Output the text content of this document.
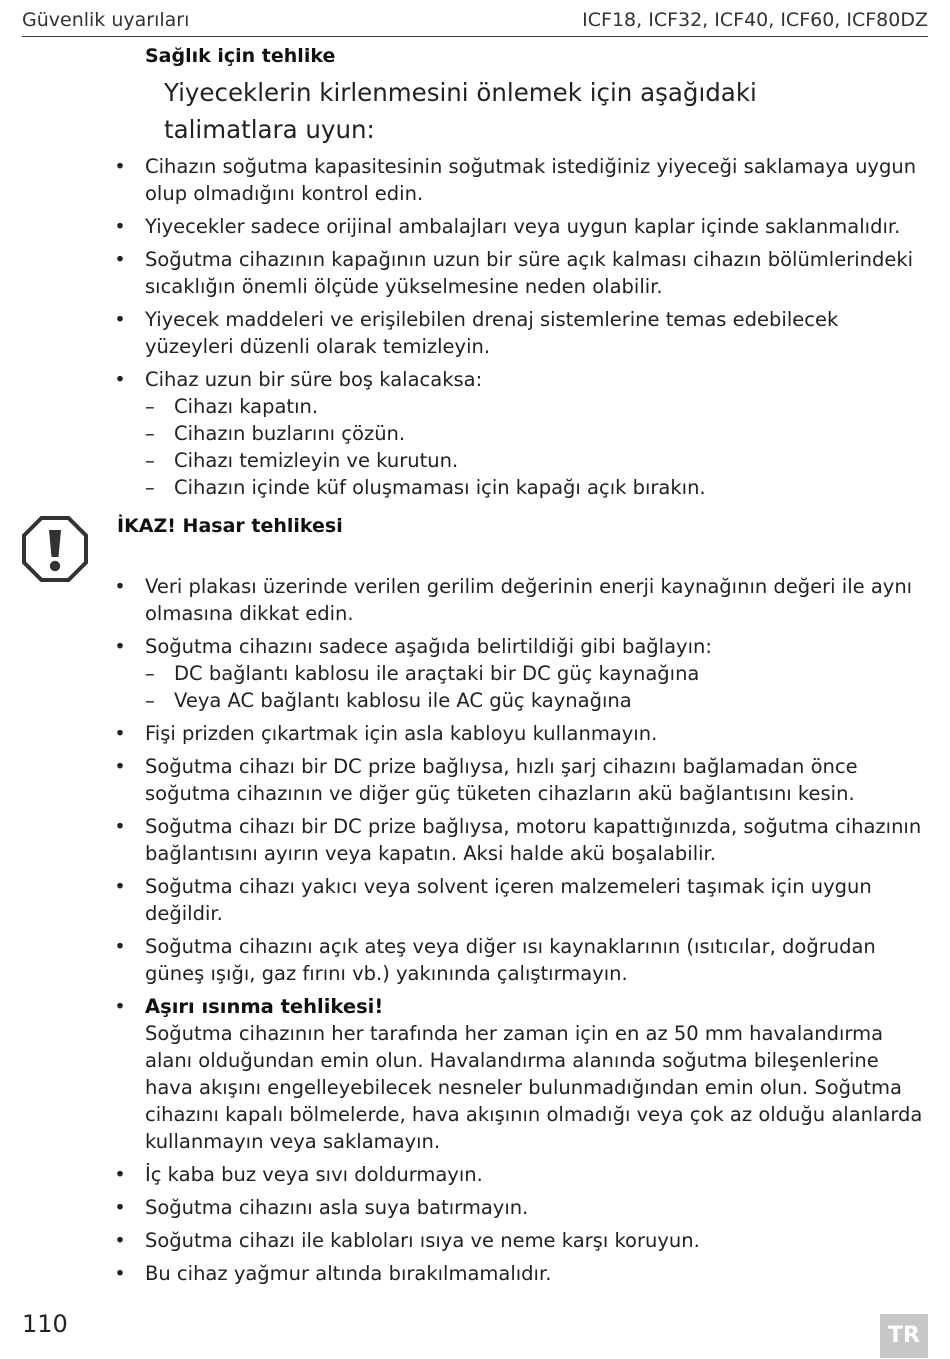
Güvenlik uyarıları	ICF18, ICF32, ICF40, ICF60, ICF80DZ
Sağlık için tehlike
Yiyeceklerin kirlenmesini önlemek için aşağıdaki talimatlara uyun:
• Cihazın soğutma kapasitesinin soğutmak istediğiniz yiyeceği saklamaya uygun olup olmadığını kontrol edin.
• Yiyecekler sadece orijinal ambalajları veya uygun kaplar içinde saklanmalıdır.
• Soğutma cihazının kapağının uzun bir süre açık kalması cihazın bölümlerindeki sıcaklığın önemli ölçüde yükselmesine neden olabilir.
• Yiyecek maddeleri ve erişilebilen drenaj sistemlerine temas edebilecek yüzeyleri düzenli olarak temizleyin.
• Cihaz uzun bir süre boş kalacaksa:
– Cihazı kapatın.
– Cihazın buzlarını çözün.
– Cihazı temizleyin ve kurutun.
– Cihazın içinde küf oluşmaması için kapağı açık bırakın.
İKAZ! Hasar tehlikesi
• Veri plakası üzerinde verilen gerilim değerinin enerji kaynağının değeri ile aynı olmasına dikkat edin.
• Soğutma cihazını sadece aşağıda belirtildiği gibi bağlayın:
– DC bağlantı kablosu ile araçtaki bir DC güç kaynağına
– Veya AC bağlantı kablosu ile AC güç kaynağına
• Fişi prizden çıkartmak için asla kabloyu kullanmayın.
• Soğutma cihazı bir DC prize bağlıysa, hızlı şarj cihazını bağlamadan önce soğutma cihazının ve diğer güç tüketen cihazların akü bağlantısını kesin.
• Soğutma cihazı bir DC prize bağlıysa, motoru kapattığınızda, soğutma cihazının bağlantısını ayırın veya kapatın. Aksi halde akü boşalabilir.
• Soğutma cihazı yakıcı veya solvent içeren malzemeleri taşımak için uygun değildir.
• Soğutma cihazını açık ateş veya diğer ısı kaynaklarının (ısıtıcılar, doğrudan güneş ışığı, gaz fırını vb.) yakınında çalıştırmayın.
• Aşırı ısınma tehlikesi!
Soğutma cihazının her tarafında her zaman için en az 50 mm havalandırma alanı olduğundan emin olun. Havalandırma alanında soğutma bileşenlerine hava akışını engelleyebilecek nesneler bulunmadığından emin olun. Soğutma cihazını kapalı bölmelerde, hava akışının olmadığı veya çok az olduğu alanlarda kullanmayın veya saklamayın.
• İç kaba buz veya sıvı doldurmayın.
• Soğutma cihazını asla suya batırmayın.
• Soğutma cihazı ile kabloları ısıya ve neme karşı koruyun.
• Bu cihaz yağmur altında bırakılmamalıdır.
110	TR
